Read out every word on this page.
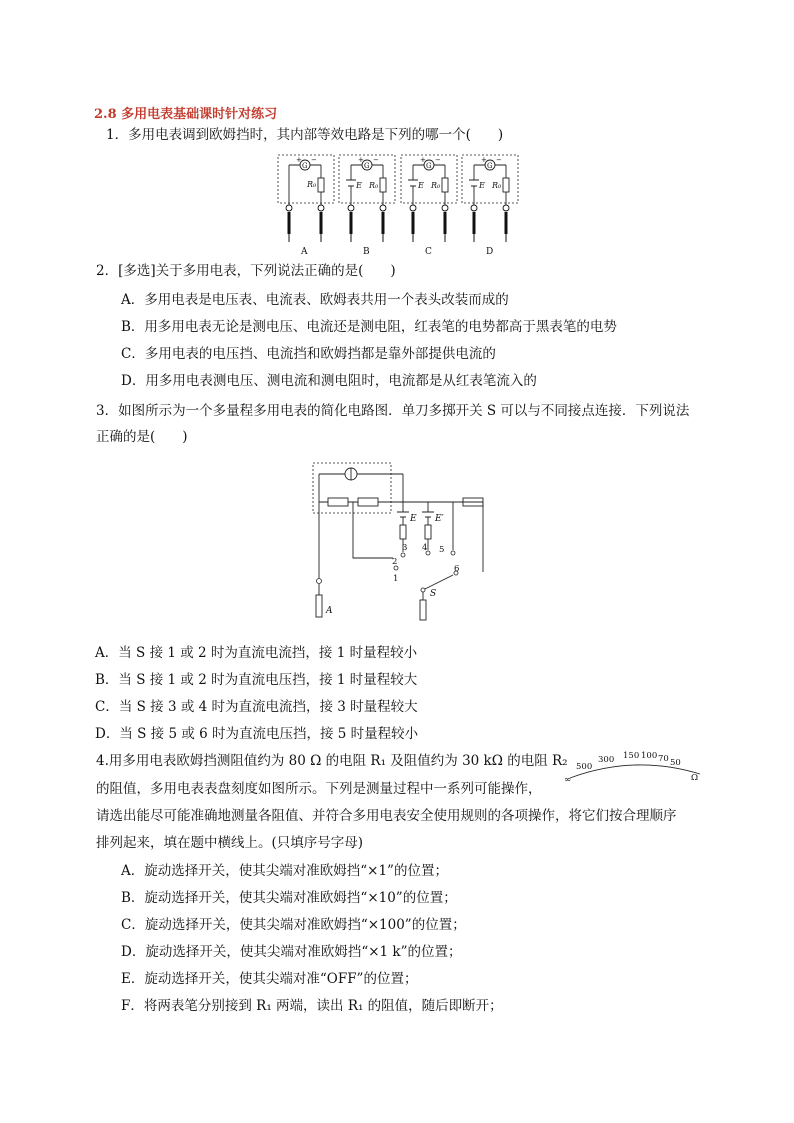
2.8 多用电表基础课时针对练习
1．多用电表调到欧姆挡时，其内部等效电路是下列的哪一个(　　)
R₀	E R₀	E R₀	E R₀
+ −
G
+ −
G
+ −
G
+ −
G
A	B	C	D
2．[多选]关于多用电表，下列说法正确的是(　　)
A．多用电表是电压表、电流表、欧姆表共用一个表头改装而成的
B．用多用电表无论是测电压、电流还是测电阻，红表笔的电势都高于黑表笔的电势
C．多用电表的电压挡、电流挡和欧姆挡都是靠外部提供电流的
D．用多用电表测电压、测电流和测电阻时，电流都是从红表笔流入的
3．如图所示为一个多量程多用电表的简化电路图．单刀多掷开关 S 可以与不同接点连接．下列说法
正确的是(　　)
E E′
S
A
1
2
3 4 5
6
A．当 S 接 1 或 2 时为直流电流挡，接 1 时量程较小
B．当 S 接 1 或 2 时为直流电压挡，接 1 时量程较大
C．当 S 接 3 或 4 时为直流电流挡，接 3 时量程较大
D．当 S 接 5 或 6 时为直流电压挡，接 5 时量程较小
4.用多用电表欧姆挡测阻值约为 80 Ω 的电阻 R₁ 及阻值约为 30 kΩ 的电阻 R₂
的阻值，多用电表表盘刻度如图所示。下列是测量过程中一系列可能操作，
请选出能尽可能准确地测量各阻值、并符合多用电表安全使用规则的各项操作，将它们按合理顺序
排列起来，填在题中横线上。(只填序号字母)
∞
500
300 150 100 70 50
Ω
A．旋动选择开关，使其尖端对准欧姆挡“×1”的位置；
B．旋动选择开关，使其尖端对准欧姆挡“×10”的位置；
C．旋动选择开关，使其尖端对准欧姆挡“×100”的位置；
D．旋动选择开关，使其尖端对准欧姆挡“×1 k”的位置；
E．旋动选择开关，使其尖端对准“OFF”的位置；
F．将两表笔分别接到 R₁ 两端，读出 R₁ 的阻值，随后即断开；
